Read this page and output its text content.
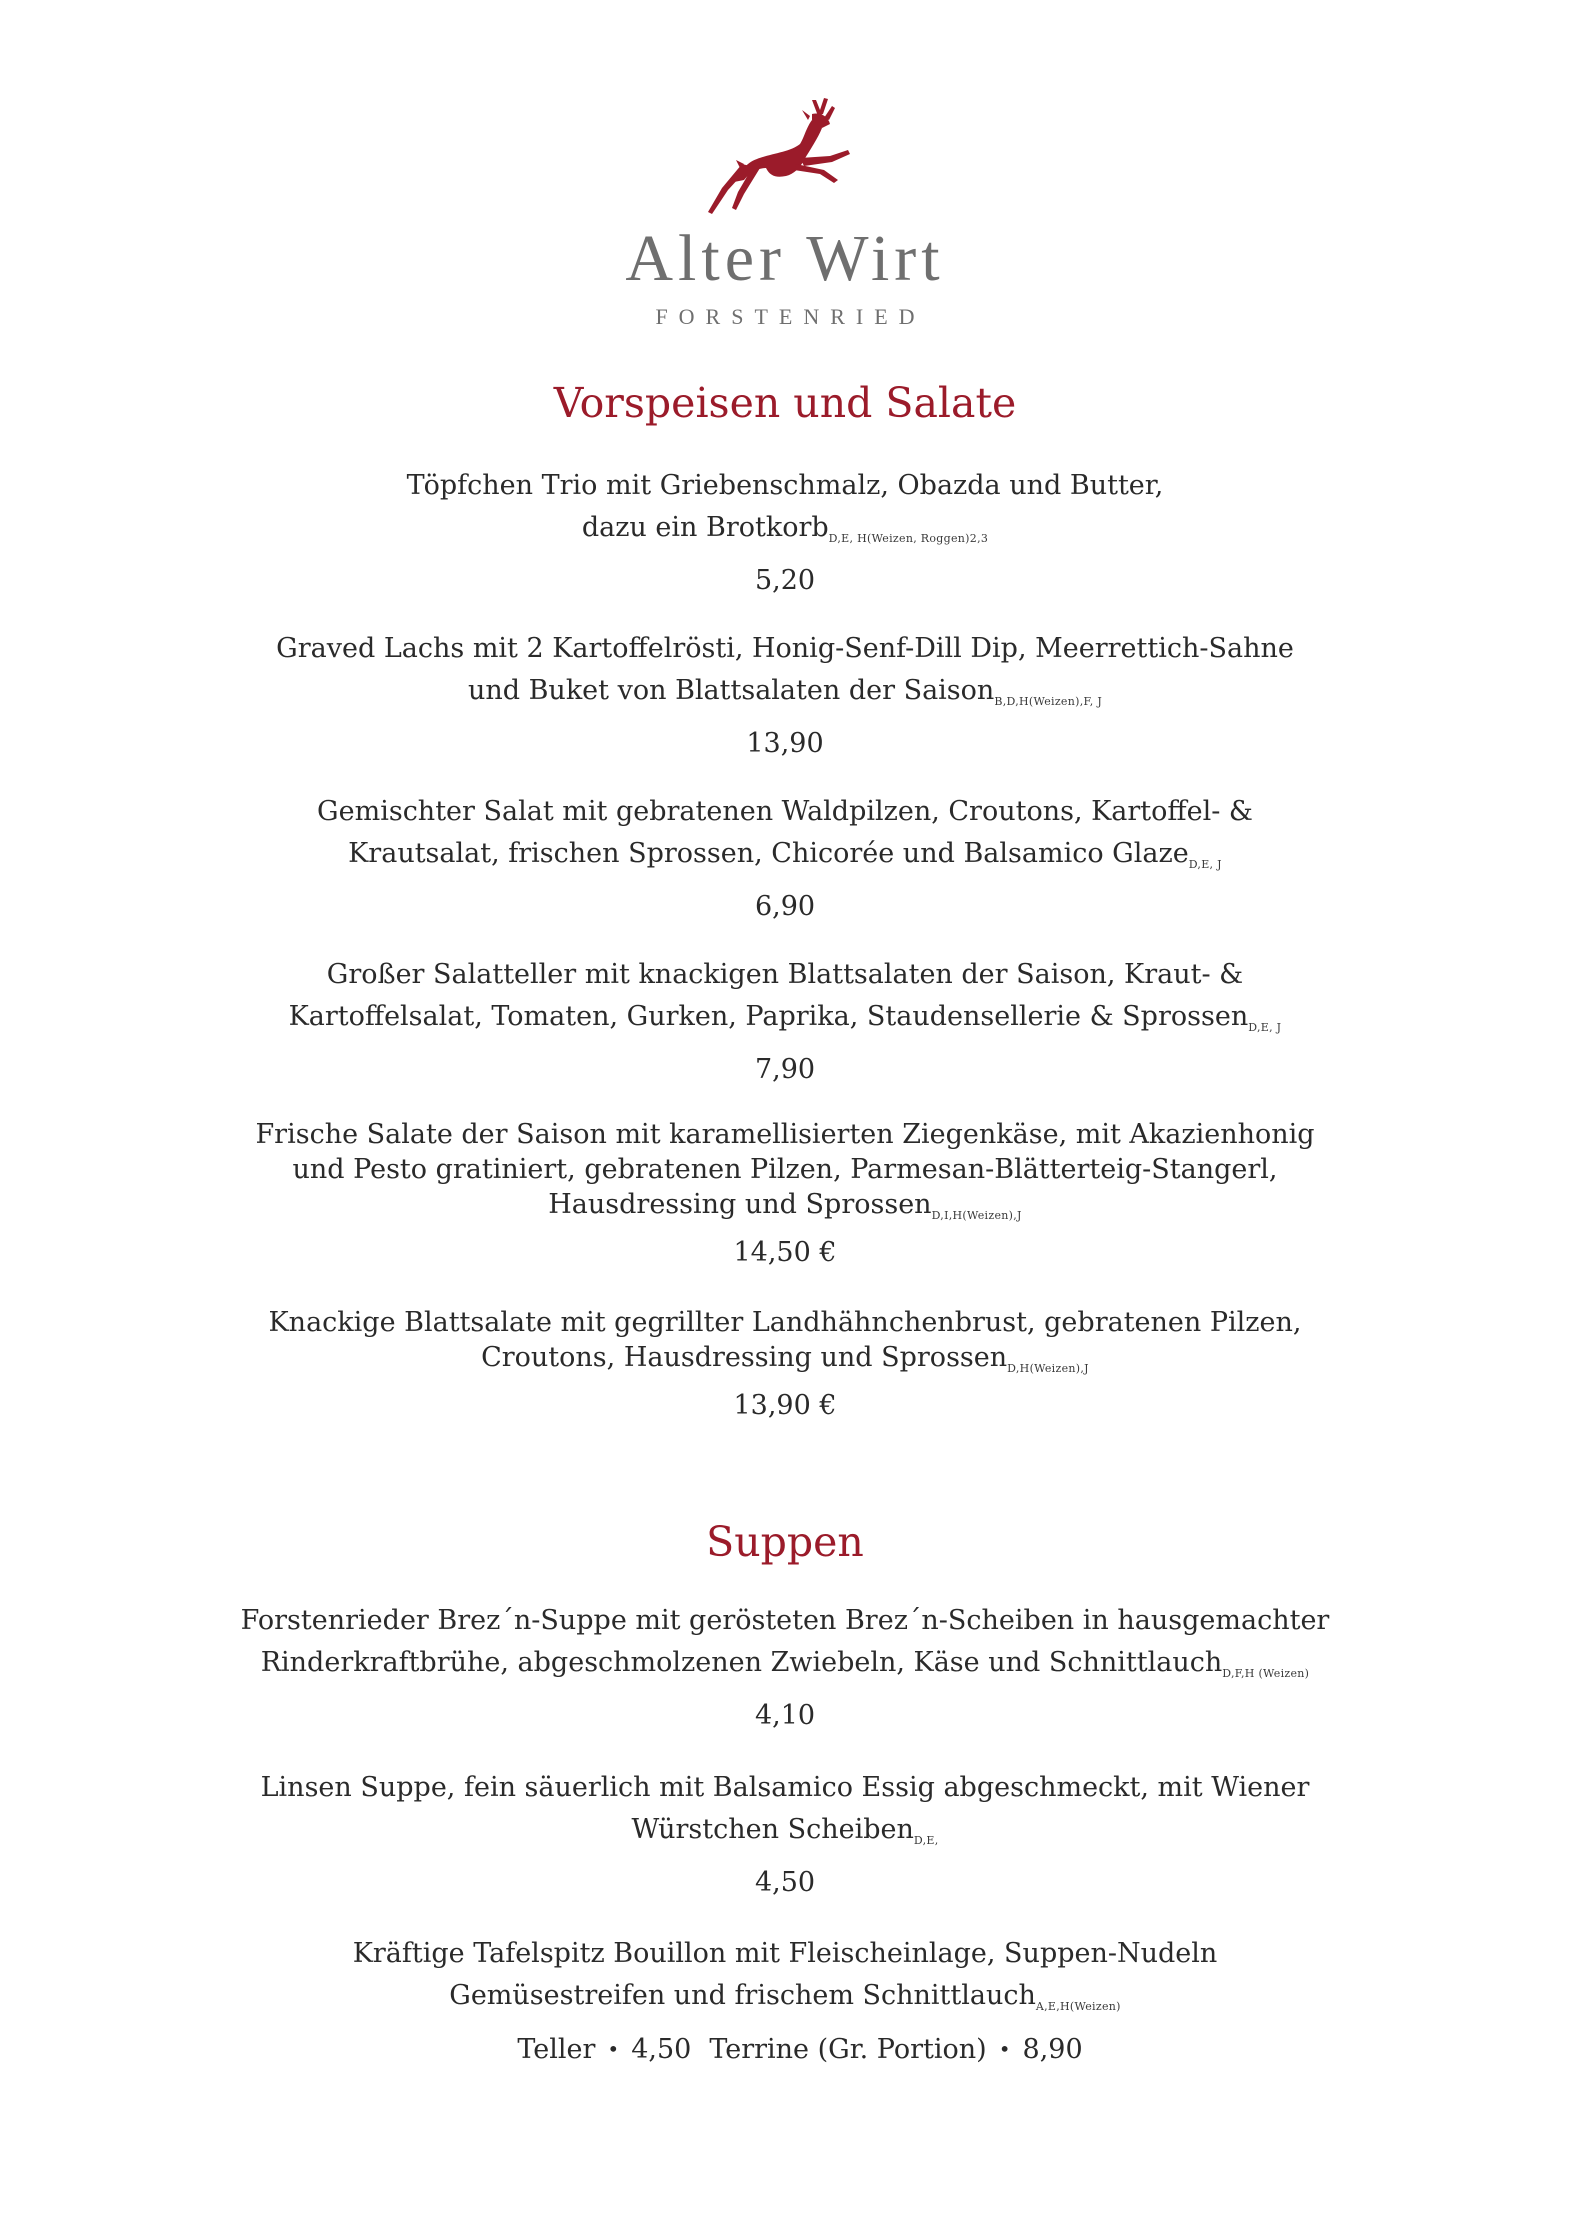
Alter Wirt
FORSTENRIED
Vorspeisen und Salate
Töpfchen Trio mit Griebenschmalz, Obazda und Butter,
dazu ein Brotkorb$_{D,E, H(Weizen, Roggen)2,3}$
5,20
Graved Lachs mit 2 Kartoffelrösti, Honig-Senf-Dill Dip, Meerrettich-Sahne
und Buket von Blattsalaten der Saison$_{B,D,H(Weizen),F, J}$
13,90
Gemischter Salat mit gebratenen Waldpilzen, Croutons, Kartoffel- &
Krautsalat, frischen Sprossen, Chicorée und Balsamico Glaze$_{D,E, J}$
6,90
Großer Salatteller mit knackigen Blattsalaten der Saison, Kraut- &
Kartoffelsalat, Tomaten, Gurken, Paprika, Staudensellerie & Sprossen$_{D,E, J}$
7,90
Frische Salate der Saison mit karamellisierten Ziegenkäse, mit Akazienhonig
und Pesto gratiniert, gebratenen Pilzen, Parmesan-Blätterteig-Stangerl,
Hausdressing und Sprossen$_{D,I,H(Weizen),J}$
14,50 €
Knackige Blattsalate mit gegrillter Landhähnchenbrust, gebratenen Pilzen,
Croutons, Hausdressing und Sprossen$_{D,H(Weizen),J}$
13,90 €
Suppen
Forstenrieder Brez´n-Suppe mit gerösteten Brez´n-Scheiben in hausgemachter
Rinderkraftbrühe, abgeschmolzenen Zwiebeln, Käse und Schnittlauch$_{D,F,H (Weizen)}$
4,10
Linsen Suppe, fein säuerlich mit Balsamico Essig abgeschmeckt, mit Wiener
Würstchen Scheiben$_{D,E,}$
4,50
Kräftige Tafelspitz Bouillon mit Fleischeinlage, Suppen-Nudeln
Gemüsestreifen und frischem Schnittlauch$_{A,E,H(Weizen)}$
Teller • 4,50 Terrine (Gr. Portion) • 8,90
